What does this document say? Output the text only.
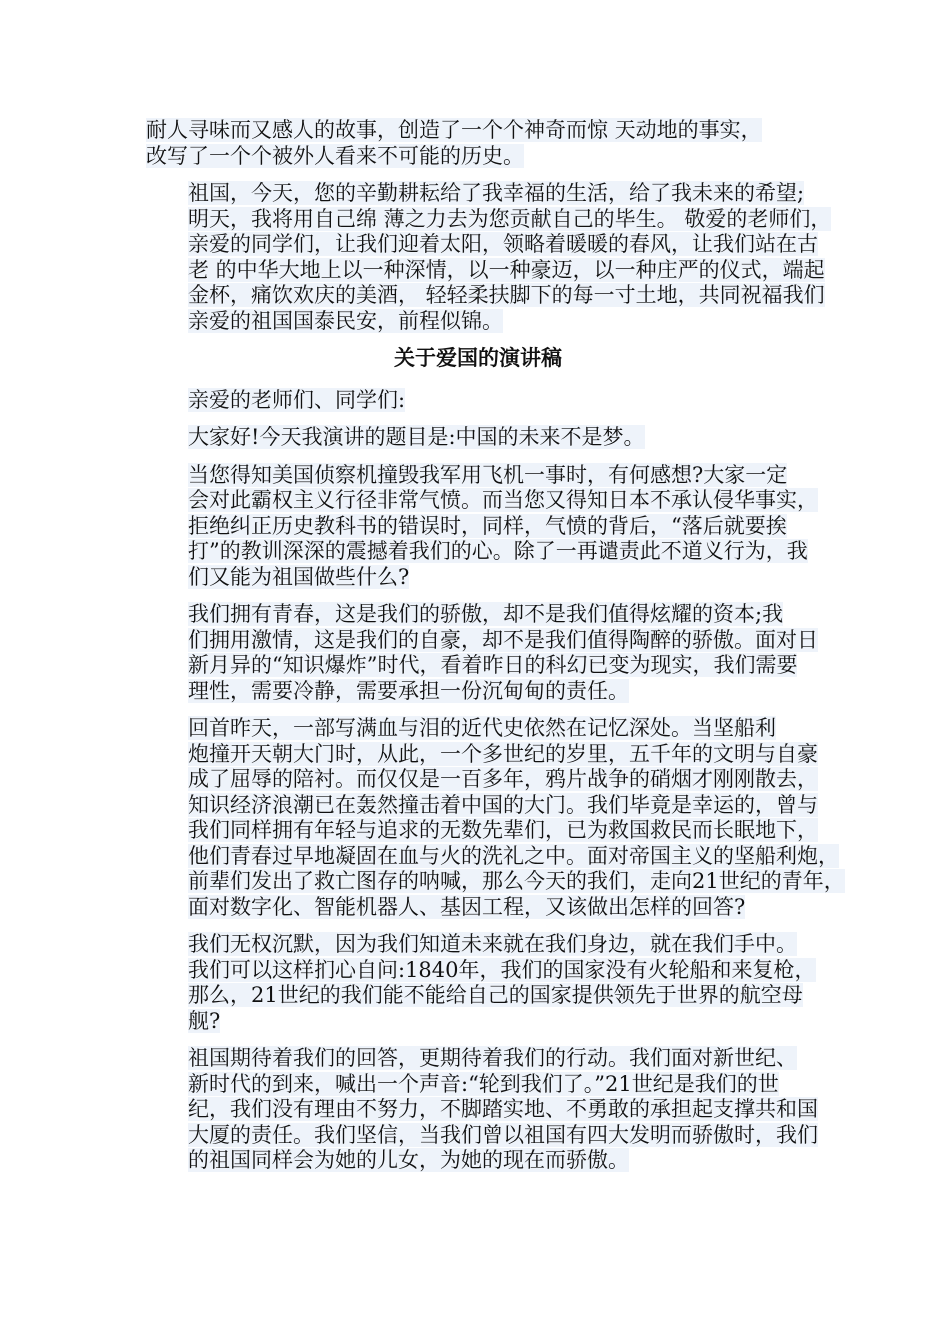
耐人寻味而又感人的故事，创造了一个个神奇而惊 天动地的事实，
改写了一个个被外人看来不可能的历史。

祖国，今天，您的辛勤耕耘给了我幸福的生活，给了我未来的希望;
明天，我将用自己绵 薄之力去为您贡献自己的毕生。 敬爱的老师们，
亲爱的同学们，让我们迎着太阳，领略着暖暖的春风，让我们站在古
老 的中华大地上以一种深情，以一种豪迈，以一种庄严的仪式，端起
金杯，痛饮欢庆的美酒， 轻轻柔扶脚下的每一寸土地，共同祝福我们
亲爱的祖国国泰民安，前程似锦。

关于爱国的演讲稿

亲爱的老师们、同学们:

大家好!今天我演讲的题目是:中国的未来不是梦。

当您得知美国侦察机撞毁我军用飞机一事时，有何感想?大家一定
会对此霸权主义行径非常气愤。而当您又得知日本不承认侵华事实，
拒绝纠正历史教科书的错误时，同样，气愤的背后，“落后就要挨
打”的教训深深的震撼着我们的心。除了一再谴责此不道义行为，我
们又能为祖国做些什么?

我们拥有青春，这是我们的骄傲，却不是我们值得炫耀的资本;我
们拥用激情，这是我们的自豪，却不是我们值得陶醉的骄傲。面对日
新月异的“知识爆炸”时代，看着昨日的科幻已变为现实，我们需要
理性，需要冷静，需要承担一份沉甸甸的责任。

回首昨天，一部写满血与泪的近代史依然在记忆深处。当坚船利
炮撞开天朝大门时，从此，一个多世纪的岁里，五千年的文明与自豪
成了屈辱的陪衬。而仅仅是一百多年，鸦片战争的硝烟才刚刚散去，
知识经济浪潮已在轰然撞击着中国的大门。我们毕竟是幸运的，曾与
我们同样拥有年轻与追求的无数先辈们，已为救国救民而长眠地下，
他们青春过早地凝固在血与火的洗礼之中。面对帝国主义的坚船利炮，
前辈们发出了救亡图存的呐喊，那么今天的我们，走向21世纪的青年，
面对数字化、智能机器人、基因工程，又该做出怎样的回答?

我们无权沉默，因为我们知道未来就在我们身边，就在我们手中。
我们可以这样扪心自问:1840年，我们的国家没有火轮船和来复枪，
那么，21世纪的我们能不能给自己的国家提供领先于世界的航空母
舰?

祖国期待着我们的回答，更期待着我们的行动。我们面对新世纪、
新时代的到来，喊出一个声音:“轮到我们了。”21世纪是我们的世
纪，我们没有理由不努力，不脚踏实地、不勇敢的承担起支撑共和国
大厦的责任。我们坚信，当我们曾以祖国有四大发明而骄傲时，我们
的祖国同样会为她的儿女，为她的现在而骄傲。
